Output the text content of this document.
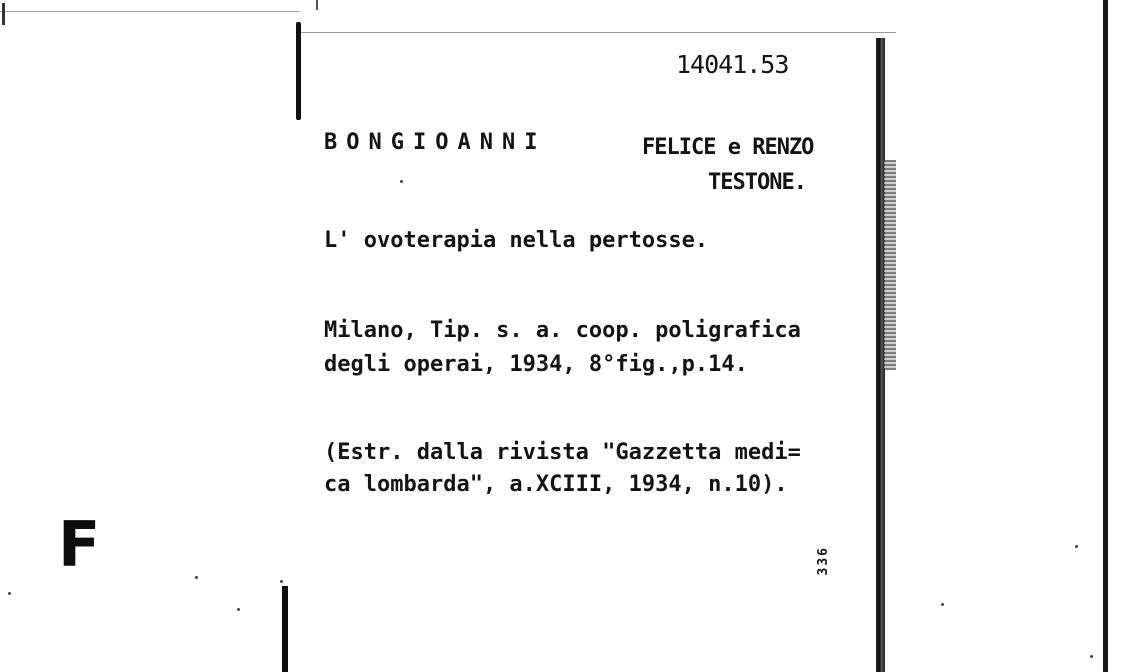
14041.53
BONGIOANNI	FELICE e RENZO
TESTONE.
L' ovoterapia nella pertosse.
Milano, Tip. s. a. coop. poligrafica
degli operai, 1934, 8°fig.,p.14.
(Estr. dalla rivista "Gazzetta medi=
ca lombarda", a.XCIII, 1934, n.10).
336
F
